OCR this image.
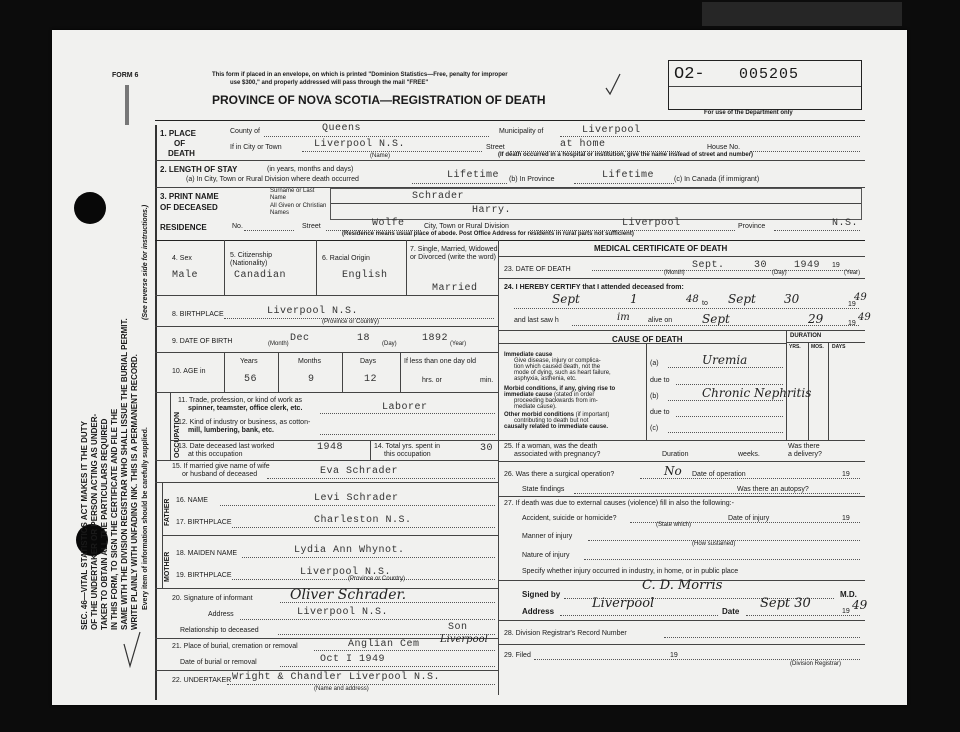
SEC. 46—VITAL STATISTICS ACT MAKES IT THE DUTY OF THE UNDERTAKER OR PERSON ACTING AS UNDER- TAKER TO OBTAIN ALL THE PARTICULARS REQUIRED IN THIS FORM, TO SIGN THE CERTIFICATE AND FILE THE SAME WITH THE DIVISION REGISTRAR WHO SHALL ISSUE THE BURIAL PERMIT. WRITE PLAINLY WITH UNFADING INK. THIS IS A PERMANENT RECORD. Every item of information should be carefully supplied.
(See reverse side for instructions.)
FORM 6	This form if placed in an envelope, on which is printed "Dominion Statistics—Free, penalty for improper
use $300," and properly addressed will pass through the mail "FREE"
PROVINCE OF NOVA SCOTIA—REGISTRATION OF DEATH
O2- 005205
For use of the Department only
1. PLACE
OF
DEATH
County of	Queens	Municipality of	Liverpool
If in City or Town	Liverpool N.S.
(Name)
Street	at home	House No.
(If death occurred in a hospital or institution, give the name instead of street and number)
2. LENGTH OF STAY	(in years, months and days)
(a) In City, Town or Rural Division where death occurred	Lifetime (b) In Province	Lifetime	(c) In Canada (if immigrant)
3. PRINT NAME
OF DECEASED
Surname or Last Name
All Given or Christian Names
Schrader
Harry.
RESIDENCE	No.	Street	Wolfe	City, Town or Rural Division	Liverpool	Province	N.S.
(Residence means usual place of abode. Post Office Address for residents in rural parts not sufficient)
4. Sex
Male
5. Citizenship (Nationality)
Canadian
6. Racial Origin
English
7. Single, Married, Widowed or Divorced (write the word)
Married
8. BIRTHPLACE	Liverpool N.S.
(Province or Country)
9. DATE OF BIRTH	Dec	18	1892
(Month)	(Day)	(Year)
10. AGE in
Years	Months	Days
56	9	12
If less than one day old
hrs. or	min.
OCCUPATION
11. Trade, profession, or kind of work as
spinner, teamster, office clerk, etc.	Laborer
12. Kind of industry or business, as cotton-
mill, lumbering, bank, etc.
13. Date deceased last worked
at this occupation
1948	14. Total yrs. spent in
this occupation
30
15. If married give name of wife
or husband of deceased	Eva Schrader
FATHER
MOTHER
16. NAME	Levi Schrader
17. BIRTHPLACE	Charleston N.S.
18. MAIDEN NAME	Lydia Ann Whynot.
19. BIRTHPLACE	Liverpool N.S.
(Province or Country)
20. Signature of informant	Oliver Schrader.
Address	Liverpool N.S.
Relationship to deceased	Son
21. Place of burial, cremation or removal	Anglian Cem Liverpool
Date of burial or removal	Oct I 1949
22. UNDERTAKER Wright & Chandler Liverpool N.S.
(Name and address)
MEDICAL CERTIFICATE OF DEATH
23. DATE OF DEATH	(Month)
Sept.	30
(Day)
1949 19
(Year)
24. I HEREBY CERTIFY that I attended deceased from:
Sept	1	48 to Sept 30	19
49
and last saw h	im	alive on Sept	29	19
49
CAUSE OF DEATH	DURATION
YRS. MOS. DAYS
Immediate cause
Give disease, injury or complica-
tion which caused death, not the
mode of dying, such as heart failure,
asphyxia, asthenia, etc.
Morbid conditions, if any, giving rise to
immediate cause (stated in order
proceeding backwards from im-
mediate cause).
Other morbid conditions (if important)
contributing to death but not
causally related to immediate cause.
(a)	Uremia
due to
(b)	Chronic Nephritis
due to
(c)
25. If a woman, was the death
associated with pregnancy?	Duration	weeks.
Was there
a delivery?
26. Was there a surgical operation?	No Date of operation	19
State findings	Was there an autopsy?
27. If death was due to external causes (violence) fill in also the following:-
Accident, suicide or homicide?
(State which)
Date of injury	19
Manner of injury
(How sustained)
Nature of injury
Specify whether injury occurred in industry, in home, or in public place
Signed by
C. D. Morris
M.D.
Address
Liverpool
Date
Sept 30
19 49
28. Division Registrar's Record Number
29. Filed	19
(Division Registrar)
